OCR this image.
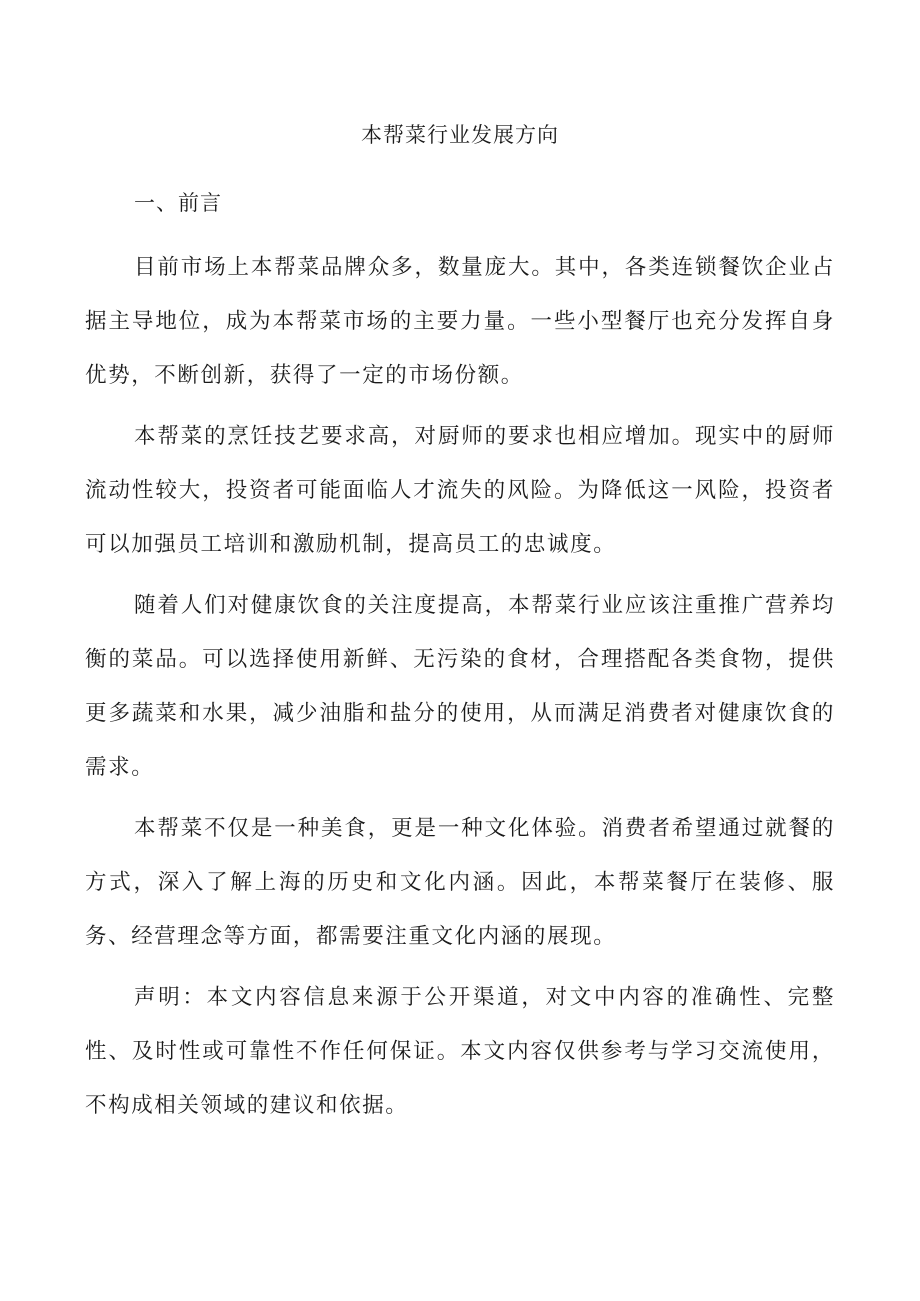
本帮菜行业发展方向
一、前言

目前市场上本帮菜品牌众多，数量庞大。其中，各类连锁餐饮企业占据主导地位，成为本帮菜市场的主要力量。一些小型餐厅也充分发挥自身优势，不断创新，获得了一定的市场份额。

本帮菜的烹饪技艺要求高，对厨师的要求也相应增加。现实中的厨师流动性较大，投资者可能面临人才流失的风险。为降低这一风险，投资者可以加强员工培训和激励机制，提高员工的忠诚度。

随着人们对健康饮食的关注度提高，本帮菜行业应该注重推广营养均衡的菜品。可以选择使用新鲜、无污染的食材，合理搭配各类食物，提供更多蔬菜和水果，减少油脂和盐分的使用，从而满足消费者对健康饮食的需求。

本帮菜不仅是一种美食，更是一种文化体验。消费者希望通过就餐的方式，深入了解上海的历史和文化内涵。因此，本帮菜餐厅在装修、服务、经营理念等方面，都需要注重文化内涵的展现。

声明：本文内容信息来源于公开渠道，对文中内容的准确性、完整性、及时性或可靠性不作任何保证。本文内容仅供参考与学习交流使用，不构成相关领域的建议和依据。
